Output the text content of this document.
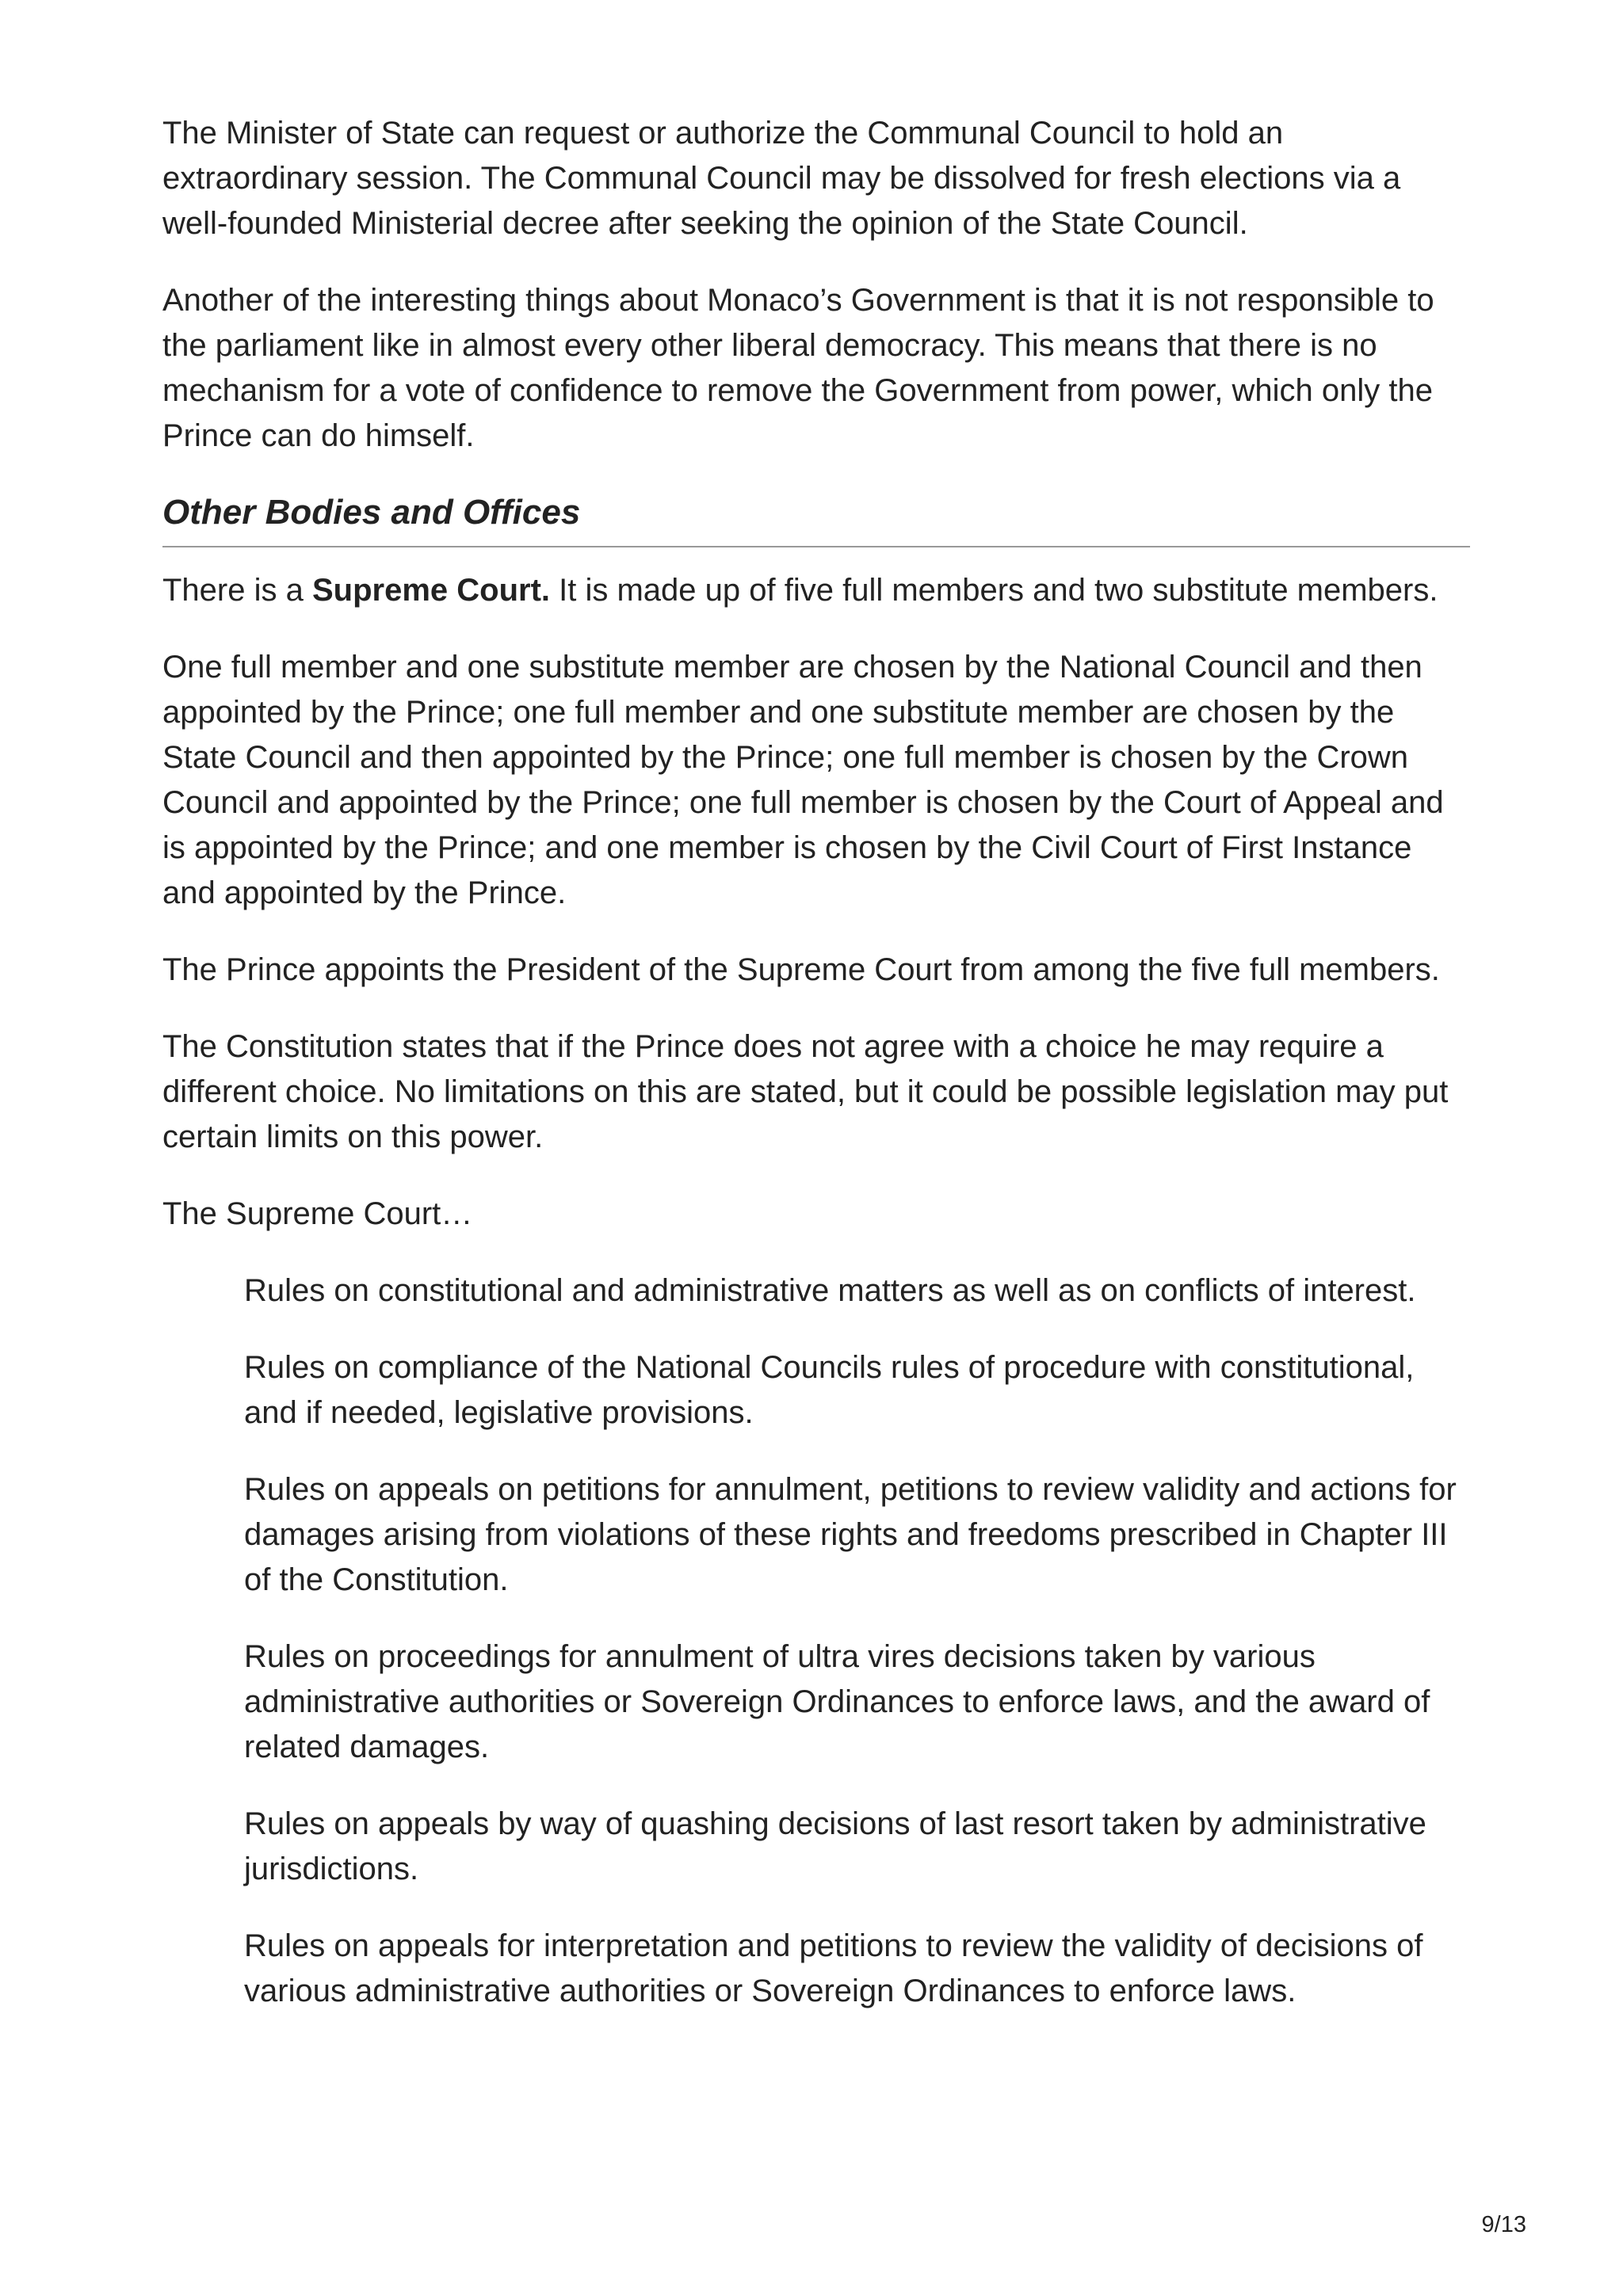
The Minister of State can request or authorize the Communal Council to hold an extraordinary session. The Communal Council may be dissolved for fresh elections via a well-founded Ministerial decree after seeking the opinion of the State Council.

Another of the interesting things about Monaco’s Government is that it is not responsible to the parliament like in almost every other liberal democracy. This means that there is no mechanism for a vote of confidence to remove the Government from power, which only the Prince can do himself.

Other Bodies and Offices

There is a Supreme Court. It is made up of five full members and two substitute members.

One full member and one substitute member are chosen by the National Council and then appointed by the Prince; one full member and one substitute member are chosen by the State Council and then appointed by the Prince; one full member is chosen by the Crown Council and appointed by the Prince; one full member is chosen by the Court of Appeal and is appointed by the Prince; and one member is chosen by the Civil Court of First Instance and appointed by the Prince.

The Prince appoints the President of the Supreme Court from among the five full members.

The Constitution states that if the Prince does not agree with a choice he may require a different choice. No limitations on this are stated, but it could be possible legislation may put certain limits on this power.

The Supreme Court…

Rules on constitutional and administrative matters as well as on conflicts of interest.

Rules on compliance of the National Councils rules of procedure with constitutional, and if needed, legislative provisions.

Rules on appeals on petitions for annulment, petitions to review validity and actions for damages arising from violations of these rights and freedoms prescribed in Chapter III of the Constitution.

Rules on proceedings for annulment of ultra vires decisions taken by various administrative authorities or Sovereign Ordinances to enforce laws, and the award of related damages.

Rules on appeals by way of quashing decisions of last resort taken by administrative jurisdictions.

Rules on appeals for interpretation and petitions to review the validity of decisions of various administrative authorities or Sovereign Ordinances to enforce laws.

9/13
